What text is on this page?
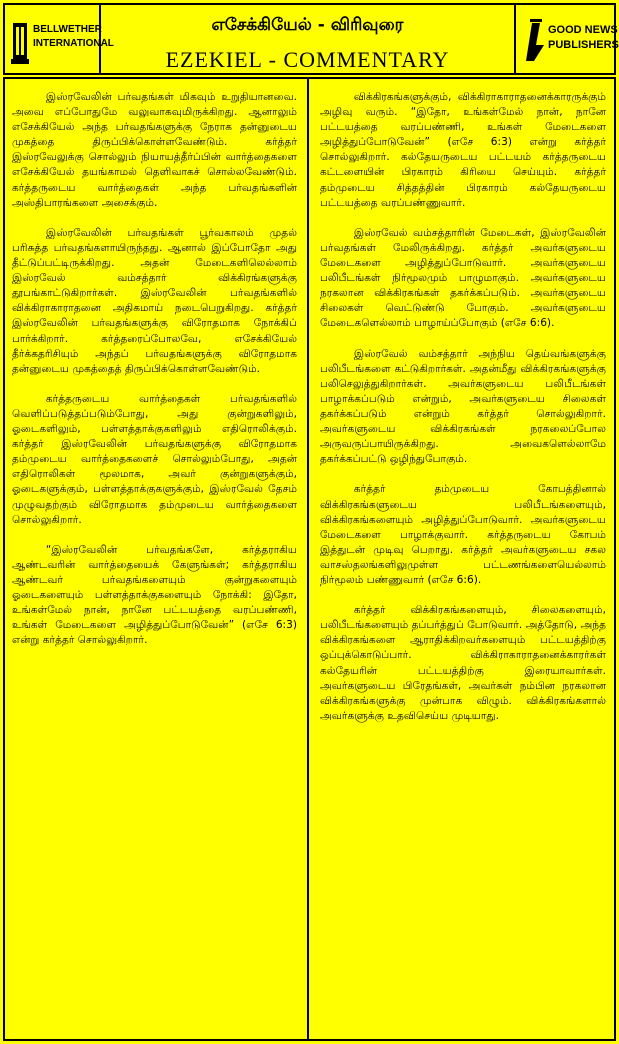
BELLWETHER
INTERNATIONAL
எசேக்கியேல் - விரிவுரை
EZEKIEL - COMMENTARY
GOOD NEWS
PUBLISHERS

இஸ்ரவேலின் பர்வதங்கள் மிகவும் உறுதியானவை. அவை எப்போதுமே வலுவாகவுமிருக்கிறது. ஆனாலும் எசேக்கியேல் அந்த பர்வதங்களுக்கு நேராக தன்னுடைய முகத்தை திருப்பிக்கொள்ளவேண்டும். கர்த்தர் இஸ்ரவேலுக்கு சொல்லும் நியாயத்தீர்ப்பின் வார்த்தைகளை எசேக்கியேல் தயங்காமல் தெளிவாகச் சொல்லவேண்டும். கர்த்தருடைய வார்த்தைகள் அந்த பர்வதங்களின் அஸ்திபாரங்களை அசைக்கும்.

இஸ்ரவேலின் பர்வதங்கள் பூர்வகாலம் முதல் பரிசுத்த பர்வதங்களாயிருந்தது. ஆனால் இப்போதோ அது தீட்டுப்பட்டிருக்கிறது. அதன் மேடைகளிலெல்லாம் இஸ்ரவேல் வம்சத்தார் விக்கிரங்களுக்கு தூபங்காட்டுகிறார்கள். இஸ்ரவேலின் பர்வதங்களில் விக்கிராகாராதனை அதிகமாய் நடைபெறுகிறது. கர்த்தர் இஸ்ரவேலின் பர்வதங்களுக்கு விரோதமாக நோக்கிப் பார்க்கிறார். கர்த்தரைப்போலவே, எசேக்கியேல் தீர்க்கதரிசியும் அந்தப் பர்வதங்களுக்கு விரோதமாக தன்னுடைய முகத்தைத் திருப்பிக்கொள்ளவேண்டும்.

கர்த்தருடைய வார்த்தைகள் பர்வதங்களில் வெளிப்படுத்தப்படும்போது, அது குன்றுகளிலும், ஓடைகளிலும், பள்ளத்தாக்குகளிலும் எதிரொலிக்கும். கர்த்தர் இஸ்ரவேலின் பர்வதங்களுக்கு விரோதமாக தம்முடைய வார்த்தைகளைச் சொல்லும்போது, அதன் எதிரொலிகள் மூலமாக, அவர் குன்றுகளுக்கும், ஓடைகளுக்கும், பள்ளத்தாக்குகளுக்கும், இஸ்ரவேல் தேசம் முழுவதற்கும் விரோதமாக தம்முடைய வார்த்தைகளை சொல்லுகிறார்.

“இஸ்ரவேலின் பர்வதங்களே, கர்த்தராகிய ஆண்டவரின் வார்த்தையைக் கேளுங்கள்; கர்த்தராகிய ஆண்டவர் பர்வதங்களையும் குன்றுகளையும் ஓடைகளையும் பள்ளத்தாக்குகளையும் நோக்கி: இதோ, உங்கள்மேல் நான், நானே பட்டயத்தை வரப்பண்ணி, உங்கள் மேடைகளை அழித்துப்போடுவேன்” (எசே 6:3) என்று கர்த்தர் சொல்லுகிறார்.

விக்கிரகங்களுக்கும், விக்கிராகாராதனைக்காரருக்கும் அழிவு வரும். “இதோ, உங்கள்மேல் நான், நானே பட்டயத்தை வரப்பண்ணி, உங்கள் மேடைகளை அழித்துப்போடுவேன்” (எசே 6:3) என்று கர்த்தர் சொல்லுகிறார். கல்தேயருடைய பட்டயம் கர்த்தருடைய கட்டளையின் பிரகாரம் கிரியை செய்யும். கர்த்தர் தம்முடைய சித்தத்தின் பிரகாரம் கல்தேயருடைய பட்டயத்தை வரப்பண்ணுவார்.

இஸ்ரவேல் வம்சத்தாரின் மேடைகள், இஸ்ரவேலின் பர்வதங்கள் மேலிருக்கிறது. கர்த்தர் அவர்களுடைய மேடைகளை அழித்துப்போடுவார். அவர்களுடைய பலிபீடங்கள் நிர்மூலமும் பாழுமாகும். அவர்களுடைய நரகலான விக்கிரகங்கள் தகர்க்கப்படும். அவர்களுடைய சிலைகள் வெட்டுண்டு போகும். அவர்களுடைய மேடைகளெல்லாம் பாழாய்ப்போகும் (எசே 6:6).

இஸ்ரவேல் வம்சத்தார் அந்நிய தெய்வங்களுக்கு பலிபீடங்களை கட்டுகிறார்கள். அதன்மீது விக்கிரகங்களுக்கு பலிசெலுத்துகிறார்கள். அவர்களுடைய பலிபீடங்கள் பாழாக்கப்படும் என்றும், அவர்களுடைய சிலைகள் தகர்க்கப்படும் என்றும் கர்த்தர் சொல்லுகிறார். அவர்களுடைய விக்கிரகங்கள் நரகலைப்போல அருவருப்பாயிருக்கிறது. அவைகளெல்லாமே தகர்க்கப்பட்டு ஒழிந்துபோகும்.

கர்த்தர் தம்முடைய கோபத்தினால் விக்கிரகங்களுடைய பலிபீடங்களையும், விக்கிரகங்களையும் அழித்துப்போடுவார். அவர்களுடைய மேடைகளை பாழாக்குவார். கர்த்தருடைய கோபம் இத்துடன் முடிவு பெறாது. கர்த்தர் அவர்களுடைய சகல வாசஸ்தலங்களிலுமுள்ள பட்டணங்களையெல்லாம் நிர்மூலம் பண்ணுவார் (எசே 6:6).

கர்த்தர் விக்கிரகங்களையும், சிலைகளையும், பலிபீடங்களையும் தப்பர்த்துப் போடுவார். அத்தோடு, அந்த விக்கிரகங்களை ஆராதிக்கிறவர்களையும் பட்டயத்திற்கு ஒப்புக்கொடுப்பார். விக்கிராகாராதனைக்காரர்கள் கல்தேயரின் பட்டயத்திற்கு இரையாவார்கள். அவர்களுடைய பிரேதங்கள், அவர்கள் நம்பின நரகலான விக்கிரகங்களுக்கு முன்பாக விழும். விக்கிரகங்களால் அவர்களுக்கு உதவிசெய்ய முடியாது.
